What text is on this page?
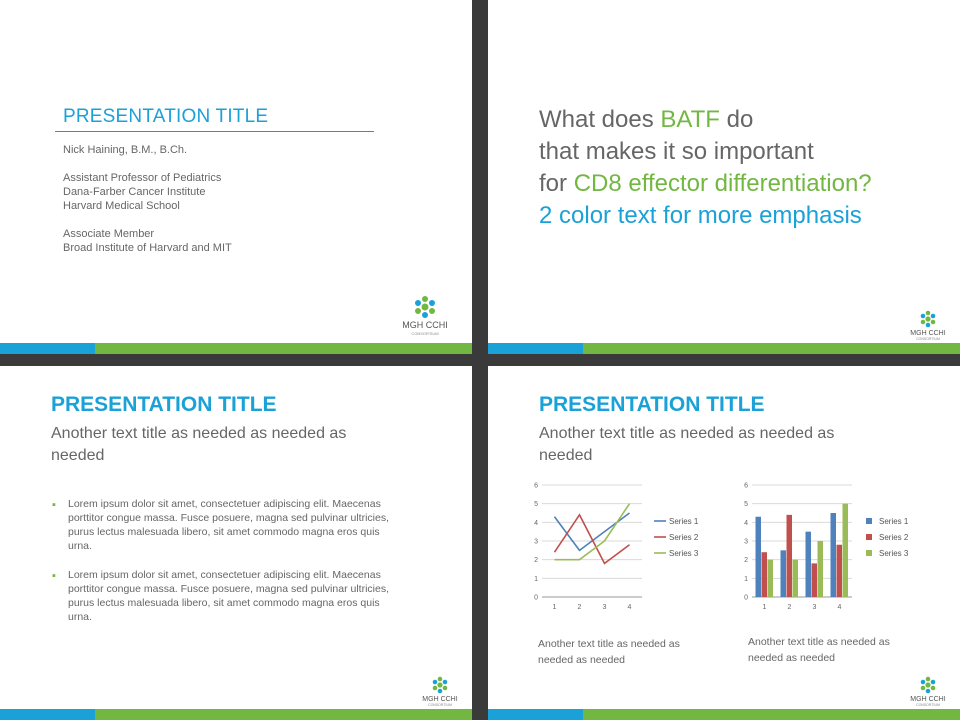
PRESENTATION TITLE
Nick Haining, B.M., B.Ch.
Assistant Professor of Pediatrics
Dana-Farber Cancer Institute
Harvard Medical School
Associate Member
Broad Institute of Harvard and MIT
MGH CCHI
CONSORTIUM
What does BATF do
that makes it so important
for CD8 effector differentiation?
2 color text for more emphasis
MGH CCHI
CONSORTIUM
PRESENTATION TITLE
Another text title as needed as needed as
needed
▪ Lorem ipsum dolor sit amet, consectetuer adipiscing elit. Maecenas
porttitor congue massa. Fusce posuere, magna sed pulvinar ultricies,
purus lectus malesuada libero, sit amet commodo magna eros quis
urna.
▪ Lorem ipsum dolor sit amet, consectetuer adipiscing elit. Maecenas
porttitor congue massa. Fusce posuere, magna sed pulvinar ultricies,
purus lectus malesuada libero, sit amet commodo magna eros quis
urna.
MGH CCHI
CONSORTIUM
PRESENTATION TITLE
Another text title as needed as needed as
needed
0
1
2
3
4
5
6
1	2	3	4
Series 1
Series 2
Series 3
0
1
2
3
4
5
6
1	2	3	4
Series 1
Series 2
Series 3
Another text title as needed as
needed as needed
Another text title as needed as
needed as needed
MGH CCHI
CONSORTIUM
